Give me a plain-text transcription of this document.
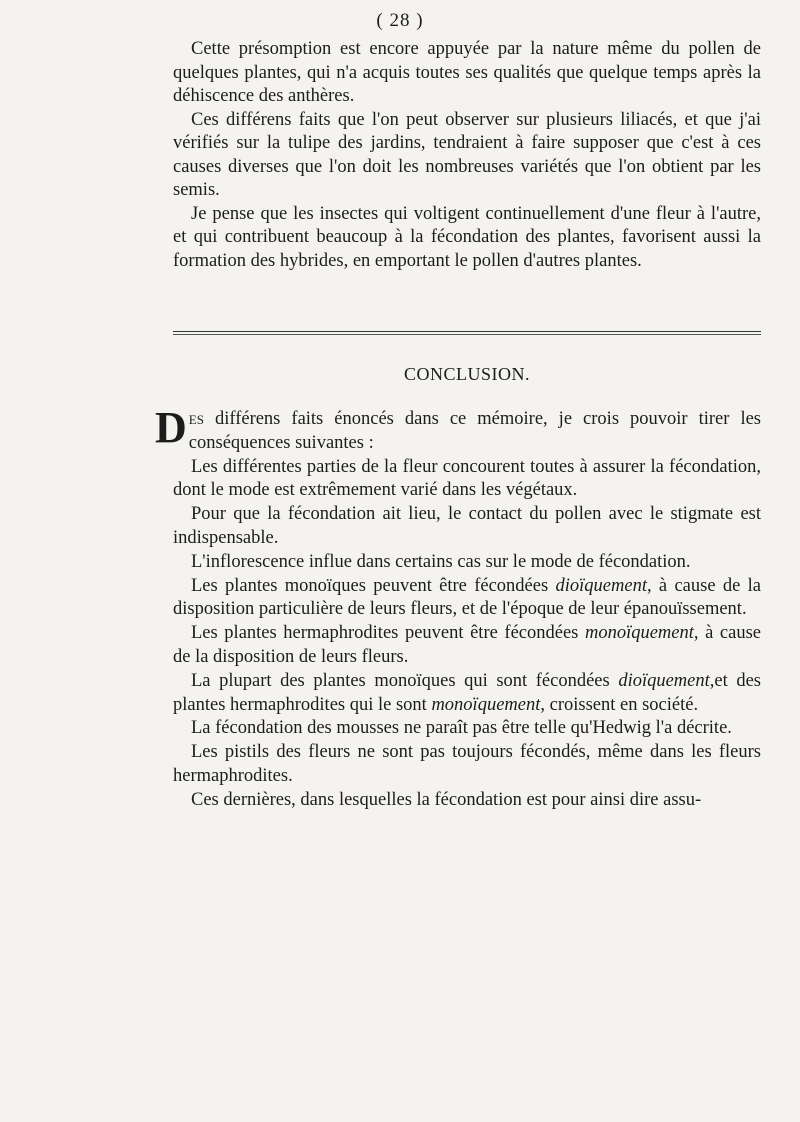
( 28 )

Cette présomption est encore appuyée par la nature même du pollen de quelques plantes, qui n'a acquis toutes ses qualités que quelque temps après la déhiscence des anthères.

Ces différens faits que l'on peut observer sur plusieurs liliacés, et que j'ai vérifiés sur la tulipe des jardins, tendraient à faire supposer que c'est à ces causes diverses que l'on doit les nombreuses variétés que l'on obtient par les semis.

Je pense que les insectes qui voltigent continuellement d'une fleur à l'autre, et qui contribuent beaucoup à la fécondation des plantes, favorisent aussi la formation des hybrides, en emportant le pollen d'autres plantes.

CONCLUSION.

Des différens faits énoncés dans ce mémoire, je crois pouvoir tirer les conséquences suivantes :

Les différentes parties de la fleur concourent toutes à assurer la fécondation, dont le mode est extrêmement varié dans les végétaux.

Pour que la fécondation ait lieu, le contact du pollen avec le stigmate est indispensable.

L'inflorescence influe dans certains cas sur le mode de fécondation.

Les plantes monoïques peuvent être fécondées dioïquement, à cause de la disposition particulière de leurs fleurs, et de l'époque de leur épanouïssement.

Les plantes hermaphrodites peuvent être fécondées monoïquement, à cause de la disposition de leurs fleurs.

La plupart des plantes monoïques qui sont fécondées dioïquement,et des plantes hermaphrodites qui le sont monoïquement, croissent en société.

La fécondation des mousses ne paraît pas être telle qu'Hedwig l'a décrite.

Les pistils des fleurs ne sont pas toujours fécondés, même dans les fleurs hermaphrodites.

Ces dernières, dans lesquelles la fécondation est pour ainsi dire assu-
